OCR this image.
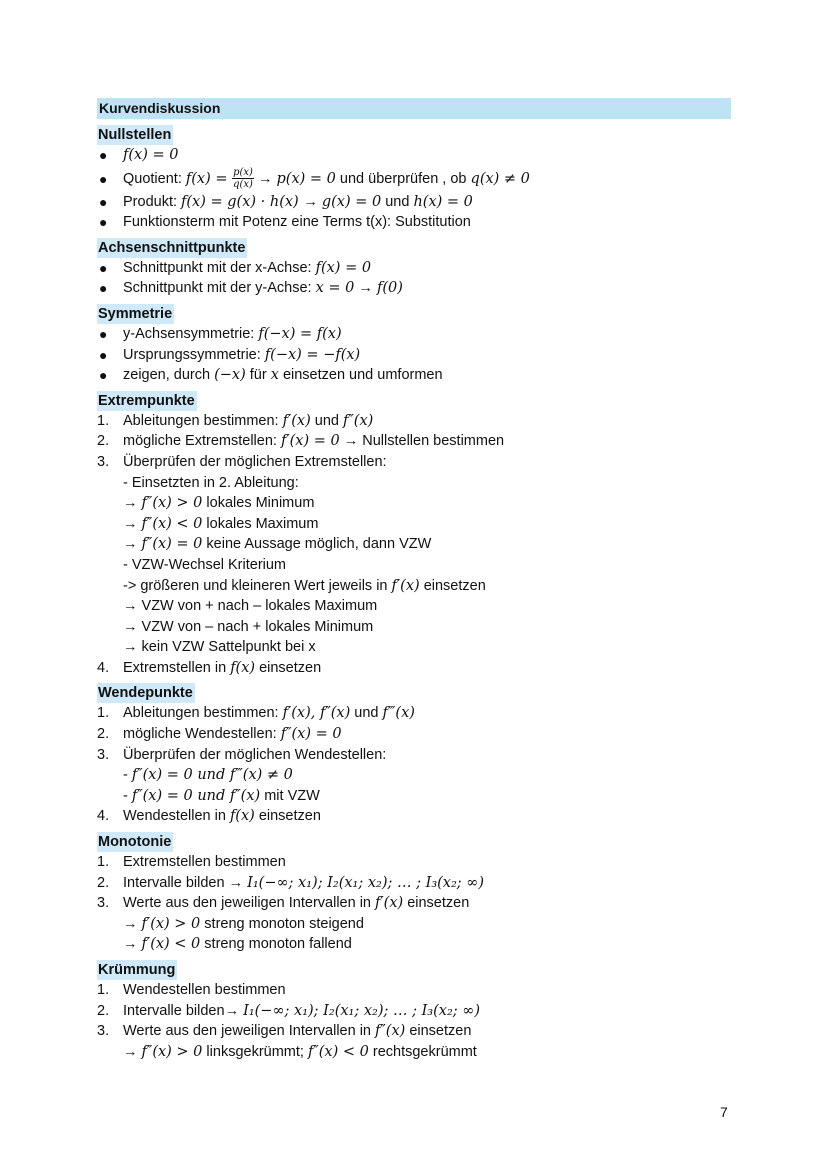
Kurvendiskussion
Nullstellen
● f(x) = 0
● Quotient: $f(x) = \frac{p(x)}{q(x)} \to p(x) = 0$ und überprüfen , ob q(x) ≠ 0
● Produkt: f(x) = g(x) · h(x) → g(x) = 0 und h(x) = 0
● Funktionsterm mit Potenz eine Terms t(x): Substitution
Achsenschnittpunkte
● Schnittpunkt mit der x-Achse: f(x) = 0
● Schnittpunkt mit der y-Achse: x = 0 → f(0)
Symmetrie
● y-Achsensymmetrie: f(−x) = f(x)
● Ursprungssymmetrie: f(−x) = −f(x)
● zeigen, durch (−x) für x einsetzen und umformen
Extrempunkte
1. Ableitungen bestimmen: f′(x) und f″(x)
2. mögliche Extremstellen: f′(x) = 0 → Nullstellen bestimmen
3. Überprüfen der möglichen Extremstellen:
- Einsetzten in 2. Ableitung:
→ f″(x) > 0 lokales Minimum
→ f″(x) < 0 lokales Maximum
→ f″(x) = 0 keine Aussage möglich, dann VZW
- VZW-Wechsel Kriterium
-> größeren und kleineren Wert jeweils in f′(x) einsetzen
→ VZW von + nach – lokales Maximum
→ VZW von – nach + lokales Minimum
→ kein VZW Sattelpunkt bei x
4. Extremstellen in f(x) einsetzen
Wendepunkte
1. Ableitungen bestimmen: f′(x), f″(x) und f‴(x)
2. mögliche Wendestellen: f″(x) = 0
3. Überprüfen der möglichen Wendestellen:
- f″(x) = 0 und f‴(x) ≠ 0
- f″(x) = 0 und f″(x) mit VZW
4. Wendestellen in f(x) einsetzen
Monotonie
1. Extremstellen bestimmen
2. Intervalle bilden → I₁(−∞; x₁); I₂(x₁; x₂); … ; I₃(x₂; ∞)
3. Werte aus den jeweiligen Intervallen in f′(x) einsetzen
→ f′(x) > 0 streng monoton steigend
→ f′(x) < 0 streng monoton fallend
Krümmung
1. Wendestellen bestimmen
2. Intervalle bilden→ I₁(−∞; x₁); I₂(x₁; x₂); … ; I₃(x₂; ∞)
3. Werte aus den jeweiligen Intervallen in f″(x) einsetzen
→ f″(x) > 0 linksgekrümmt; f″(x) < 0 rechtsgekrümmt
7
